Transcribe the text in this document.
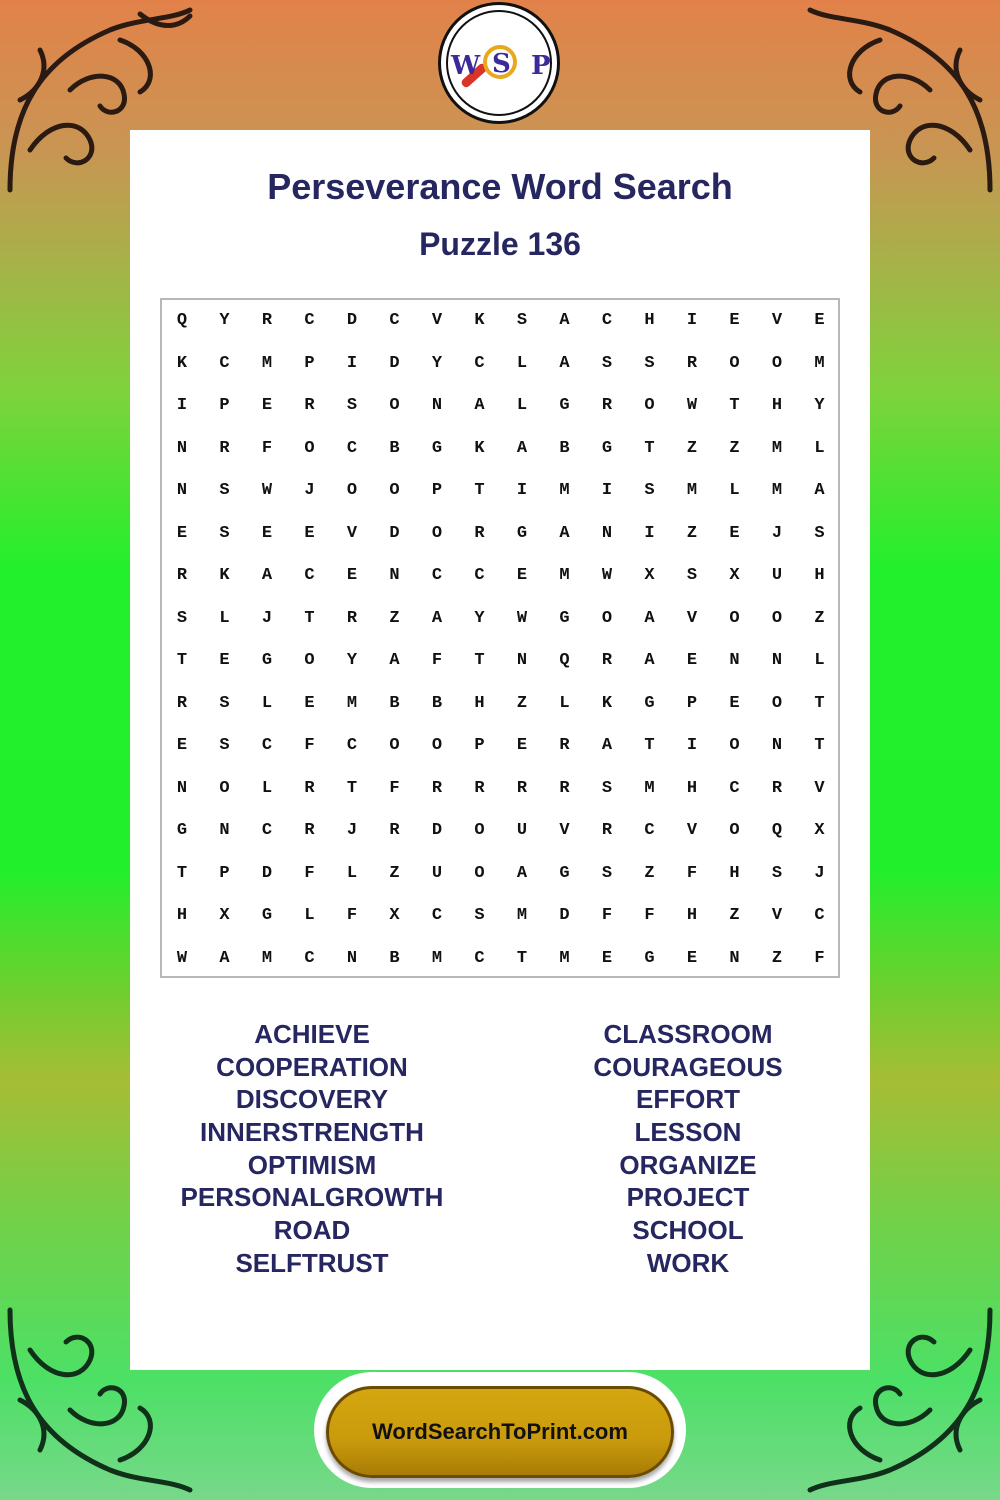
W S P
Perseverance Word Search
Puzzle 136
Q	Y	R	C	D	C	V	K	S	A	C	H	I	E	V	E
K	C	M	P	I	D	Y	C	L	A	S	S	R	O	O	M
I	P	E	R	S	O	N	A	L	G	R	O	W	T	H	Y
N	R	F	O	C	B	G	K	A	B	G	T	Z	Z	M	L
N	S	W	J	O	O	P	T	I	M	I	S	M	L	M	A
E	S	E	E	V	D	O	R	G	A	N	I	Z	E	J	S
R	K	A	C	E	N	C	C	E	M	W	X	S	X	U	H
S	L	J	T	R	Z	A	Y	W	G	O	A	V	O	O	Z
T	E	G	O	Y	A	F	T	N	Q	R	A	E	N	N	L
R	S	L	E	M	B	B	H	Z	L	K	G	P	E	O	T
E	S	C	F	C	O	O	P	E	R	A	T	I	O	N	T
N	O	L	R	T	F	R	R	R	R	S	M	H	C	R	V
G	N	C	R	J	R	D	O	U	V	R	C	V	O	Q	X
T	P	D	F	L	Z	U	O	A	G	S	Z	F	H	S	J
H	X	G	L	F	X	C	S	M	D	F	F	H	Z	V	C
W	A	M	C	N	B	M	C	T	M	E	G	E	N	Z	F
ACHIEVE
COOPERATION
DISCOVERY
INNERSTRENGTH
OPTIMISM
PERSONALGROWTH
ROAD
SELFTRUST
CLASSROOM
COURAGEOUS
EFFORT
LESSON
ORGANIZE
PROJECT
SCHOOL
WORK
WordSearchToPrint.com
